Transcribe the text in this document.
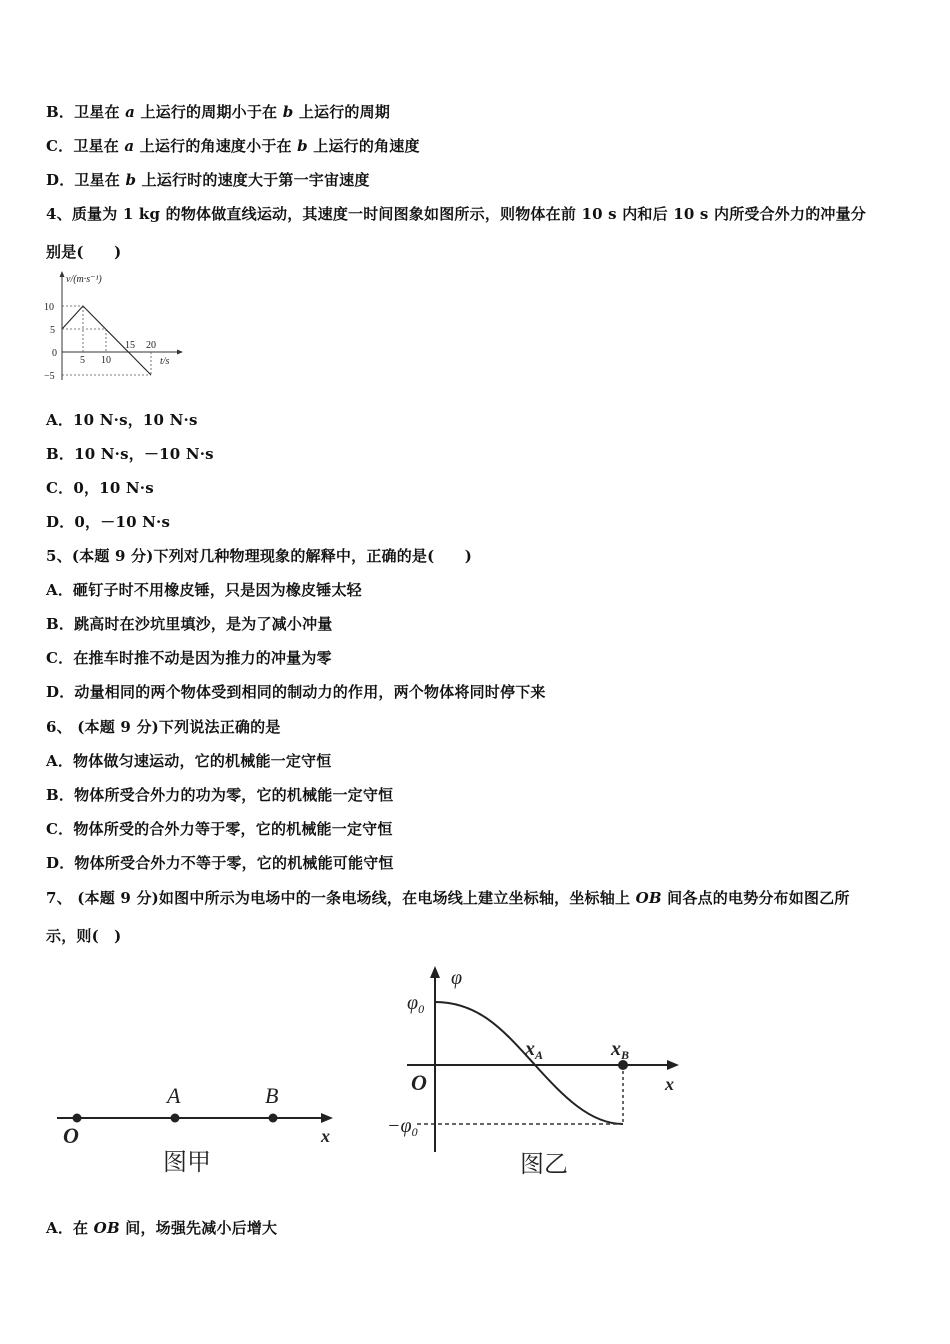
B．卫星在 a 上运行的周期小于在 b 上运行的周期
C．卫星在 a 上运行的角速度小于在 b 上运行的角速度
D．卫星在 b 上运行时的速度大于第一宇宙速度
4、质量为 1 kg 的物体做直线运动，其速度一时间图象如图所示，则物体在前 10 s 内和后 10 s 内所受合外力的冲量分
别是(　　)
v/(m·s⁻¹)
10
5
0
−5
5 10
15 20
t/s
A．10 N·s，10 N·s
B．10 N·s，－10 N·s
C．0，10 N·s
D．0，－10 N·s
5、(本题 9 分)下列对几种物理现象的解释中，正确的是(　　)
A．砸钉子时不用橡皮锤，只是因为橡皮锤太轻
B．跳高时在沙坑里填沙，是为了减小冲量
C．在推车时推不动是因为推力的冲量为零
D．动量相同的两个物体受到相同的制动力的作用，两个物体将同时停下来
6、 (本题 9 分)下列说法正确的是
A．物体做匀速运动，它的机械能一定守恒
B．物体所受合外力的功为零，它的机械能一定守恒
C．物体所受的合外力等于零，它的机械能一定守恒
D．物体所受合外力不等于零，它的机械能可能守恒
7、 (本题 9 分)如图中所示为电场中的一条电场线，在电场线上建立坐标轴，坐标轴上 OB 间各点的电势分布如图乙所
示，则(　)
O
A	B
x
图甲
φ
$\varphi_0$
$-\varphi_0$
O
$x_A$	$x_B$
x
图乙
A．在 OB 间，场强先减小后增大
